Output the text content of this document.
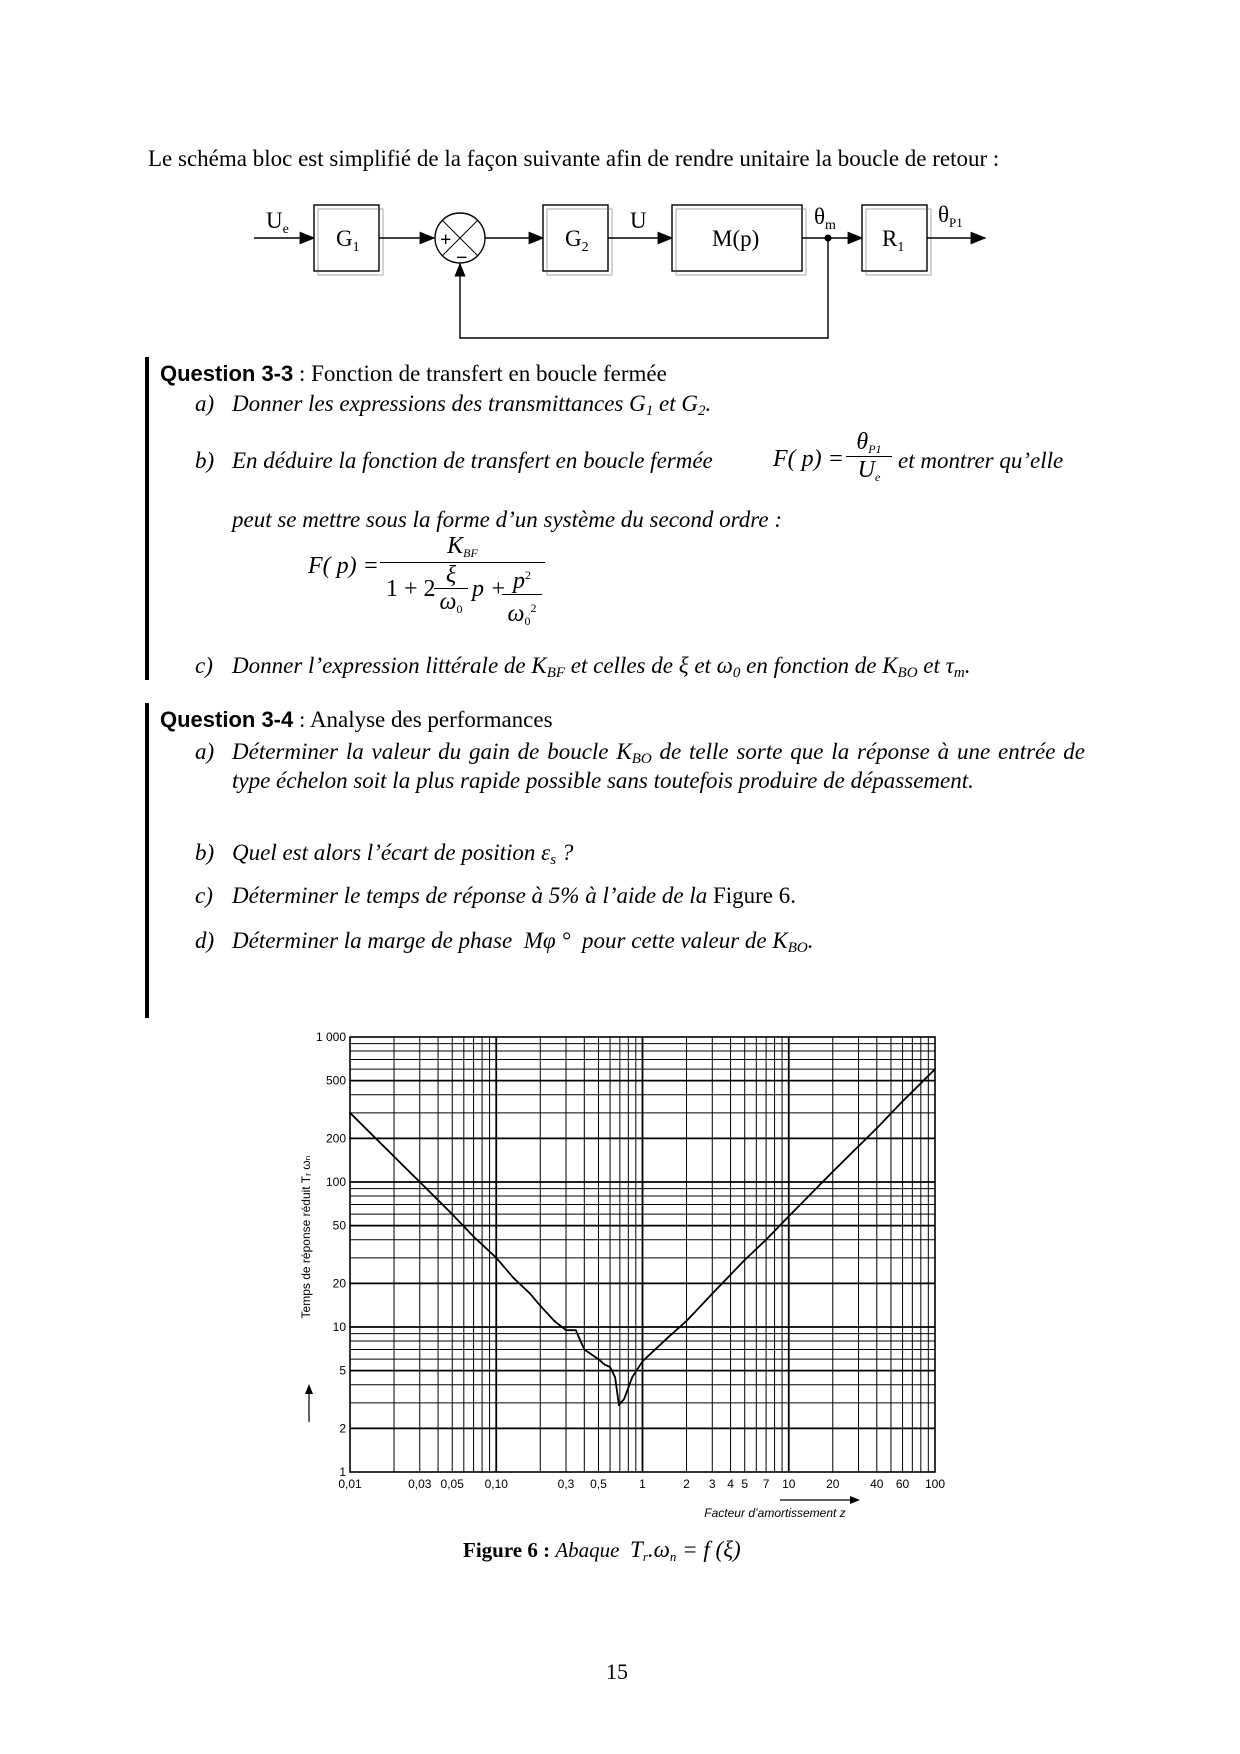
Le schéma bloc est simplifié de la façon suivante afin de rendre unitaire la boucle de retour :
$U_e$ $G_1$	+
−
$G_2$
U
M(p)
$\theta_m$
$R_1$
$\theta_{P1}$
Question 3-3 : Fonction de transfert en boucle fermée
a) Donner les expressions des transmittances $G_1$ et $G_2$.
b) En déduire la fonction de transfert en boucle fermée	F( p) =
$\theta_{P1}$
$U_e$
et montrer qu’elle
peut se mettre sous la forme d’un système du second ordre :
F( p) =
$K_{BF}$
1 + 2
ξ
$\omega_0$
$p + p^2$
$\omega_0^2$
c) Donner l’expression littérale de $K_{BF}$ et celles de ξ et $\omega_0$ en fonction de $K_{BO}$ et $\tau_m$.
Question 3-4 : Analyse des performances
a) Déterminer la valeur du gain de boucle $K_{BO}$ de telle sorte que la réponse à une entrée de type échelon soit la plus rapide possible sans toutefois produire de dépassement.
b) Quel est alors l’écart de position $\varepsilon_s$ ?
c) Déterminer le temps de réponse à 5% à l’aide de la Figure 6.
d) Déterminer la marge de phase Mφ ° pour cette valeur de $K_{BO}$.
0,01	0,03 0,05 0,10	0,3 0,5	1	2 3 4 5 7 10	20	40 60 100
1
2
5
10
20
50
100
200
500
1 000
Temps de réponse réduit Tᵣ ωₙ
Facteur d’amortissement z
Figure 6 : Abaque $T_r.\omega_n = f$ (ξ)
15
